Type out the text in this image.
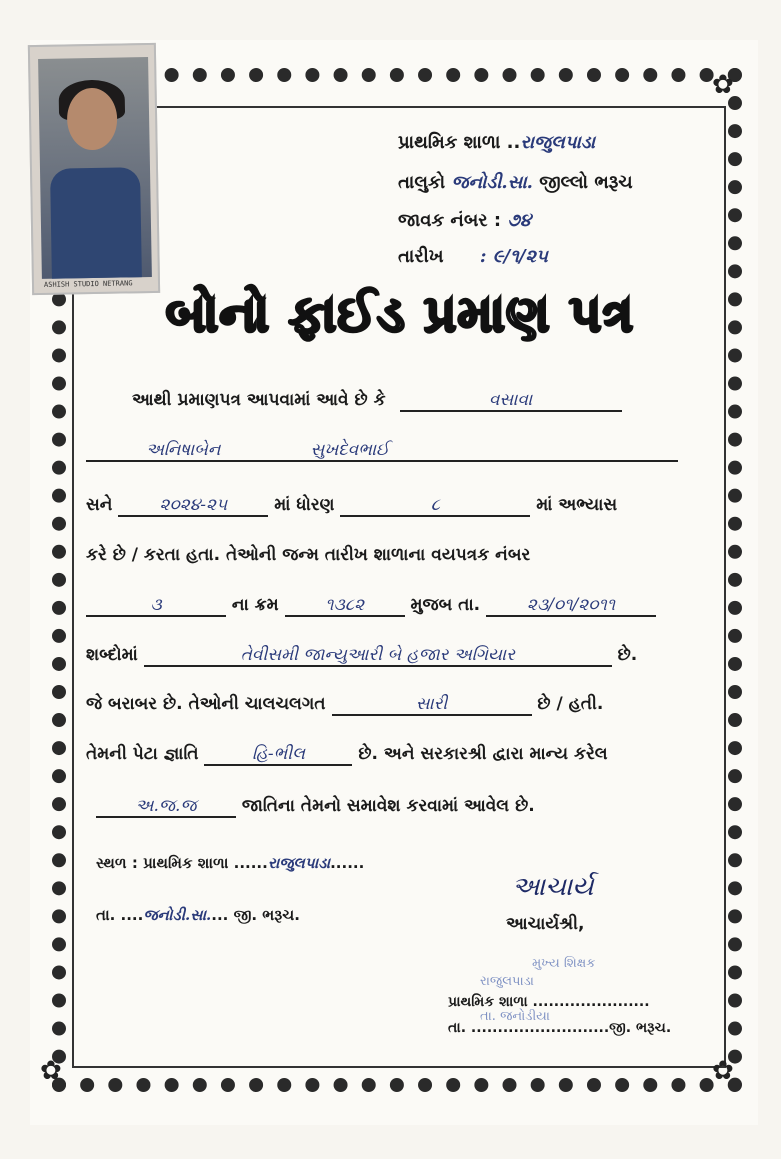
✿
✿	✿
ASHISH STUDIO NETRANG
પ્રાથમિક શાળા ..રાજુલપાડા
તાલુકો જનોડી.સા. જીલ્લો ભરૂચ
જાવક નંબર : ૭૪
તારીખ : ૯/૧/૨૫
બોનો ફાઈડ પ્રમાણ પત્ર
આથી પ્રમાણપત્ર આપવામાં આવે છે કે	વસાવા
અનિષાબેન	સુખદેવભાઈ
સને	૨૦૨૪-૨૫	માં ધોરણ	૮	માં અભ્યાસ
કરે છે / કરતા હતા. તેઓની જન્મ તારીખ શાળાના વયપત્રક નંબર
૩	ના ક્રમ	૧૩૮૨	મુજબ તા.	૨૩/૦૧/૨૦૧૧
શબ્દોમાં	તેવીસમી જાન્યુઆરી બે હજાર અગિયાર	છે.
જે બરાબર છે. તેઓની ચાલચલગત	સારી	છે / હતી.
તેમની પેટા જ્ઞાતિ	હિ-ભીલ	છે. અને સરકારશ્રી દ્વારા માન્ય કરેલ
અ.જ.જ	જાતિના તેમનો સમાવેશ કરવામાં આવેલ છે.
સ્થળ : પ્રાથમિક શાળા ......રાજુલપાડા......
તા. ....જનોડી.સા.... જી. ભરૂચ.
આચાર્ય
આચાર્યશ્રી,
મુખ્ય શિક્ષક
રાજુલપાડા
પ્રાથમિક શાળા ......................
તા. ..........................જી. ભરૂચ.
તા. જનોડીયા
